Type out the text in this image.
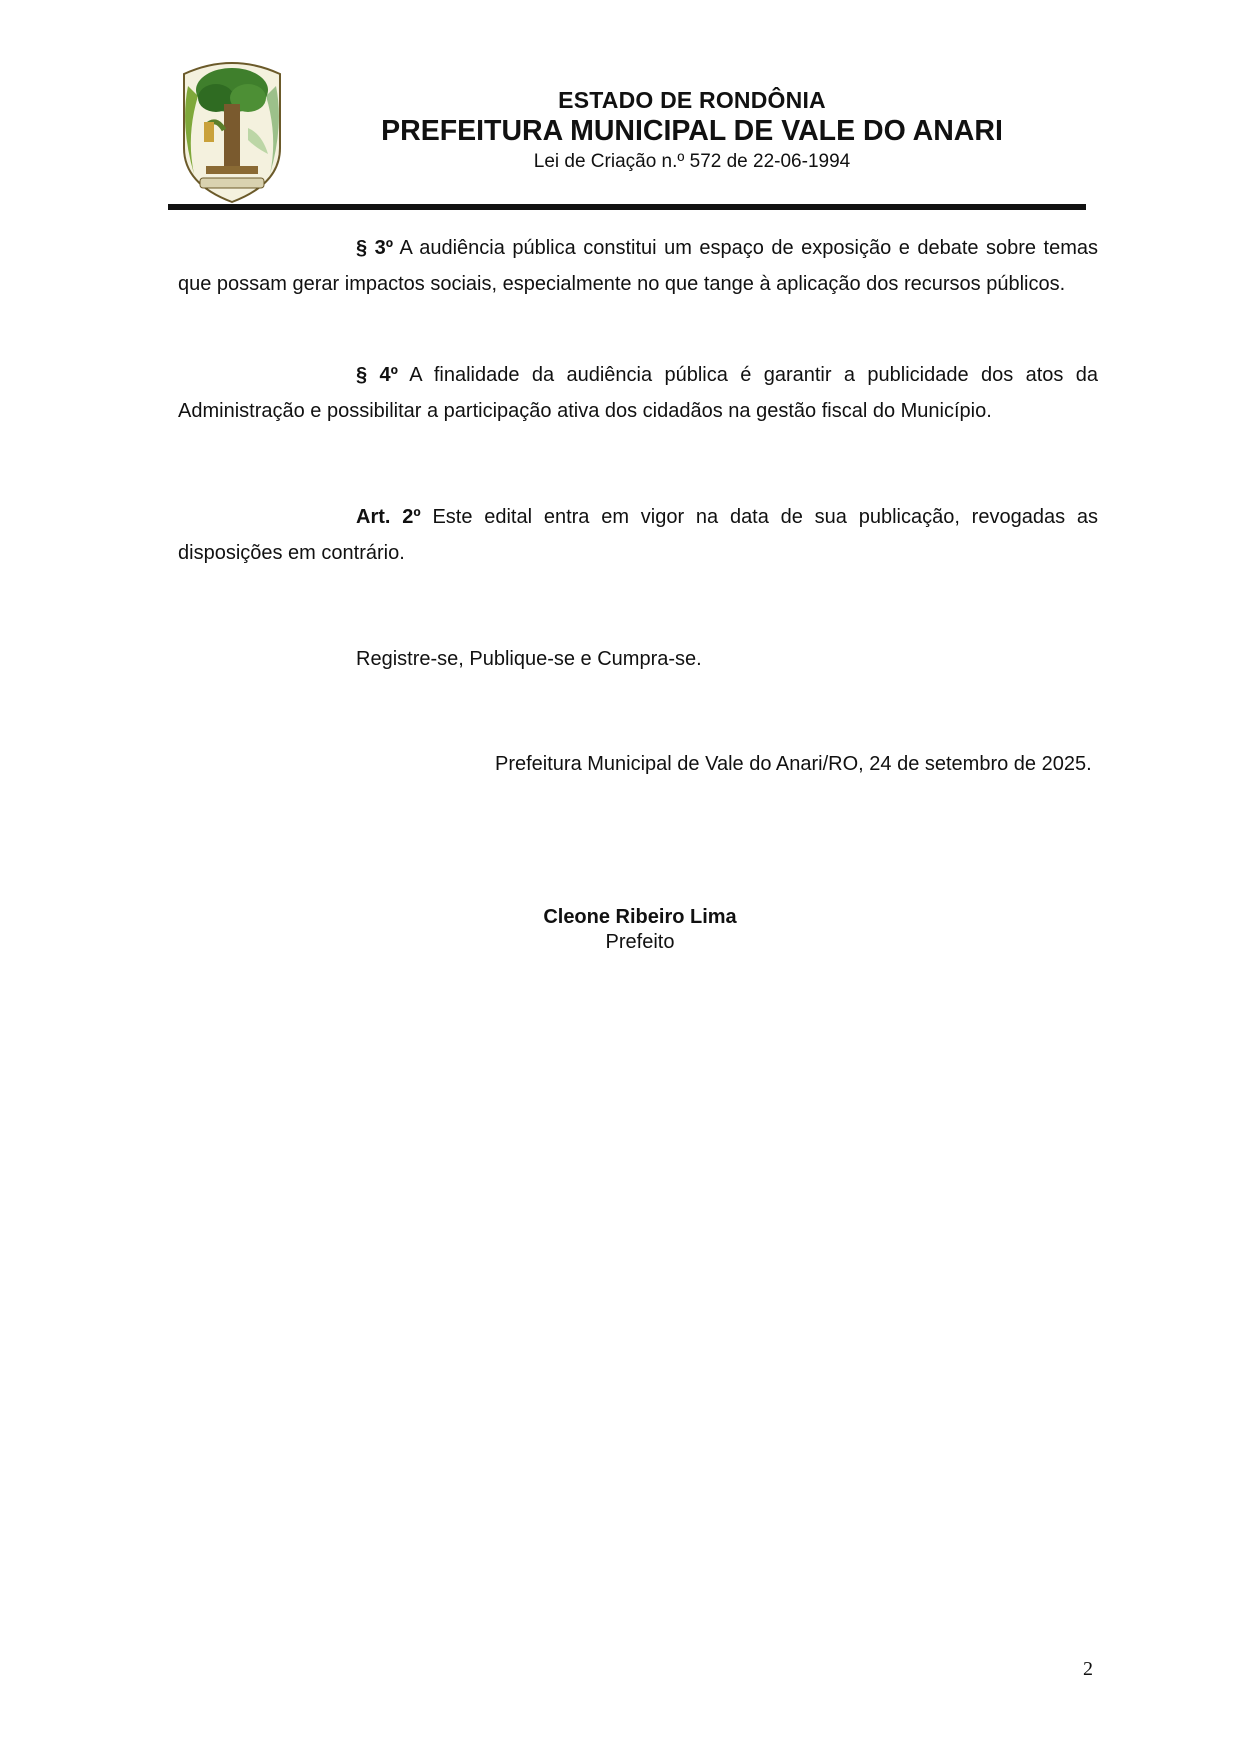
ESTADO DE RONDÔNIA
PREFEITURA MUNICIPAL DE VALE DO ANARI
Lei de Criação n.º 572 de 22-06-1994

§ 3º A audiência pública constitui um espaço de exposição e debate sobre temas que possam gerar impactos sociais, especialmente no que tange à aplicação dos recursos públicos.

§ 4º A finalidade da audiência pública é garantir a publicidade dos atos da Administração e possibilitar a participação ativa dos cidadãos na gestão fiscal do Município.

Art. 2º Este edital entra em vigor na data de sua publicação, revogadas as disposições em contrário.

Registre-se, Publique-se e Cumpra-se.
Prefeitura Municipal de Vale do Anari/RO, 24 de setembro de 2025.
Cleone Ribeiro Lima
Prefeito
2
